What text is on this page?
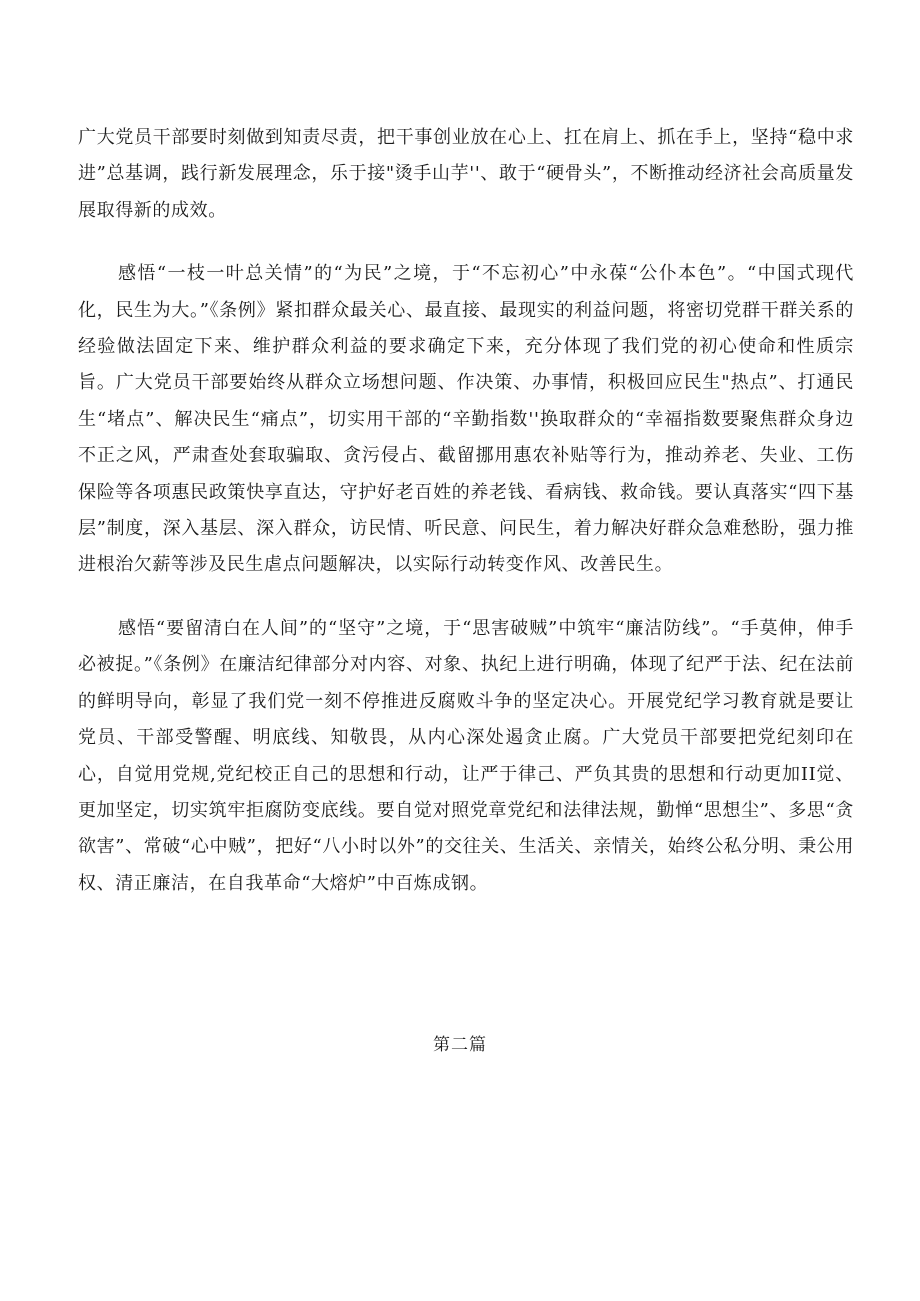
广大党员干部要时刻做到知责尽责，把干事创业放在心上、扛在肩上、抓在手上，坚持“稳中求进”总基调，践行新发展理念，乐于接"烫手山芋''、敢于“硬骨头”，不断推动经济社会高质量发展取得新的成效。

感悟“一枝一叶总关情”的“为民”之境，于“不忘初心”中永葆“公仆本色”。“中国式现代化，民生为大。”《条例》紧扣群众最关心、最直接、最现实的利益问题，将密切党群干群关系的经验做法固定下来、维护群众利益的要求确定下来，充分体现了我们党的初心使命和性质宗旨。广大党员干部要始终从群众立场想问题、作决策、办事情，积极回应民生"热点”、打通民生“堵点”、解决民生“痛点”，切实用干部的“辛勤指数''换取群众的“幸福指数要聚焦群众身边不正之风，严肃查处套取骗取、贪污侵占、截留挪用惠农补贴等行为，推动养老、失业、工伤保险等各项惠民政策快享直达，守护好老百姓的养老钱、看病钱、救命钱。要认真落实“四下基层”制度，深入基层、深入群众，访民情、听民意、问民生，着力解决好群众急难愁盼，强力推进根治欠薪等涉及民生虐点问题解决，以实际行动转变作风、改善民生。

感悟“要留清白在人间”的“坚守”之境，于“思害破贼”中筑牢“廉洁防线”。“手莫伸，伸手必被捉。”《条例》在廉洁纪律部分对内容、对象、执纪上进行明确，体现了纪严于法、纪在法前的鲜明导向，彰显了我们党一刻不停推进反腐败斗争的坚定决心。开展党纪学习教育就是要让党员、干部受警醒、明底线、知敬畏，从内心深处遏贪止腐。广大党员干部要把党纪刻印在心，自觉用党规,党纪校正自己的思想和行动，让严于律己、严负其贵的思想和行动更加II觉、更加坚定，切实筑牢拒腐防变底线。要自觉对照党章党纪和法律法规，勤惮“思想尘”、多思“贪欲害”、常破“心中贼”，把好“八小时以外”的交往关、生活关、亲情关，始终公私分明、秉公用权、清正廉洁，在自我革命“大熔炉”中百炼成钢。

第二篇
